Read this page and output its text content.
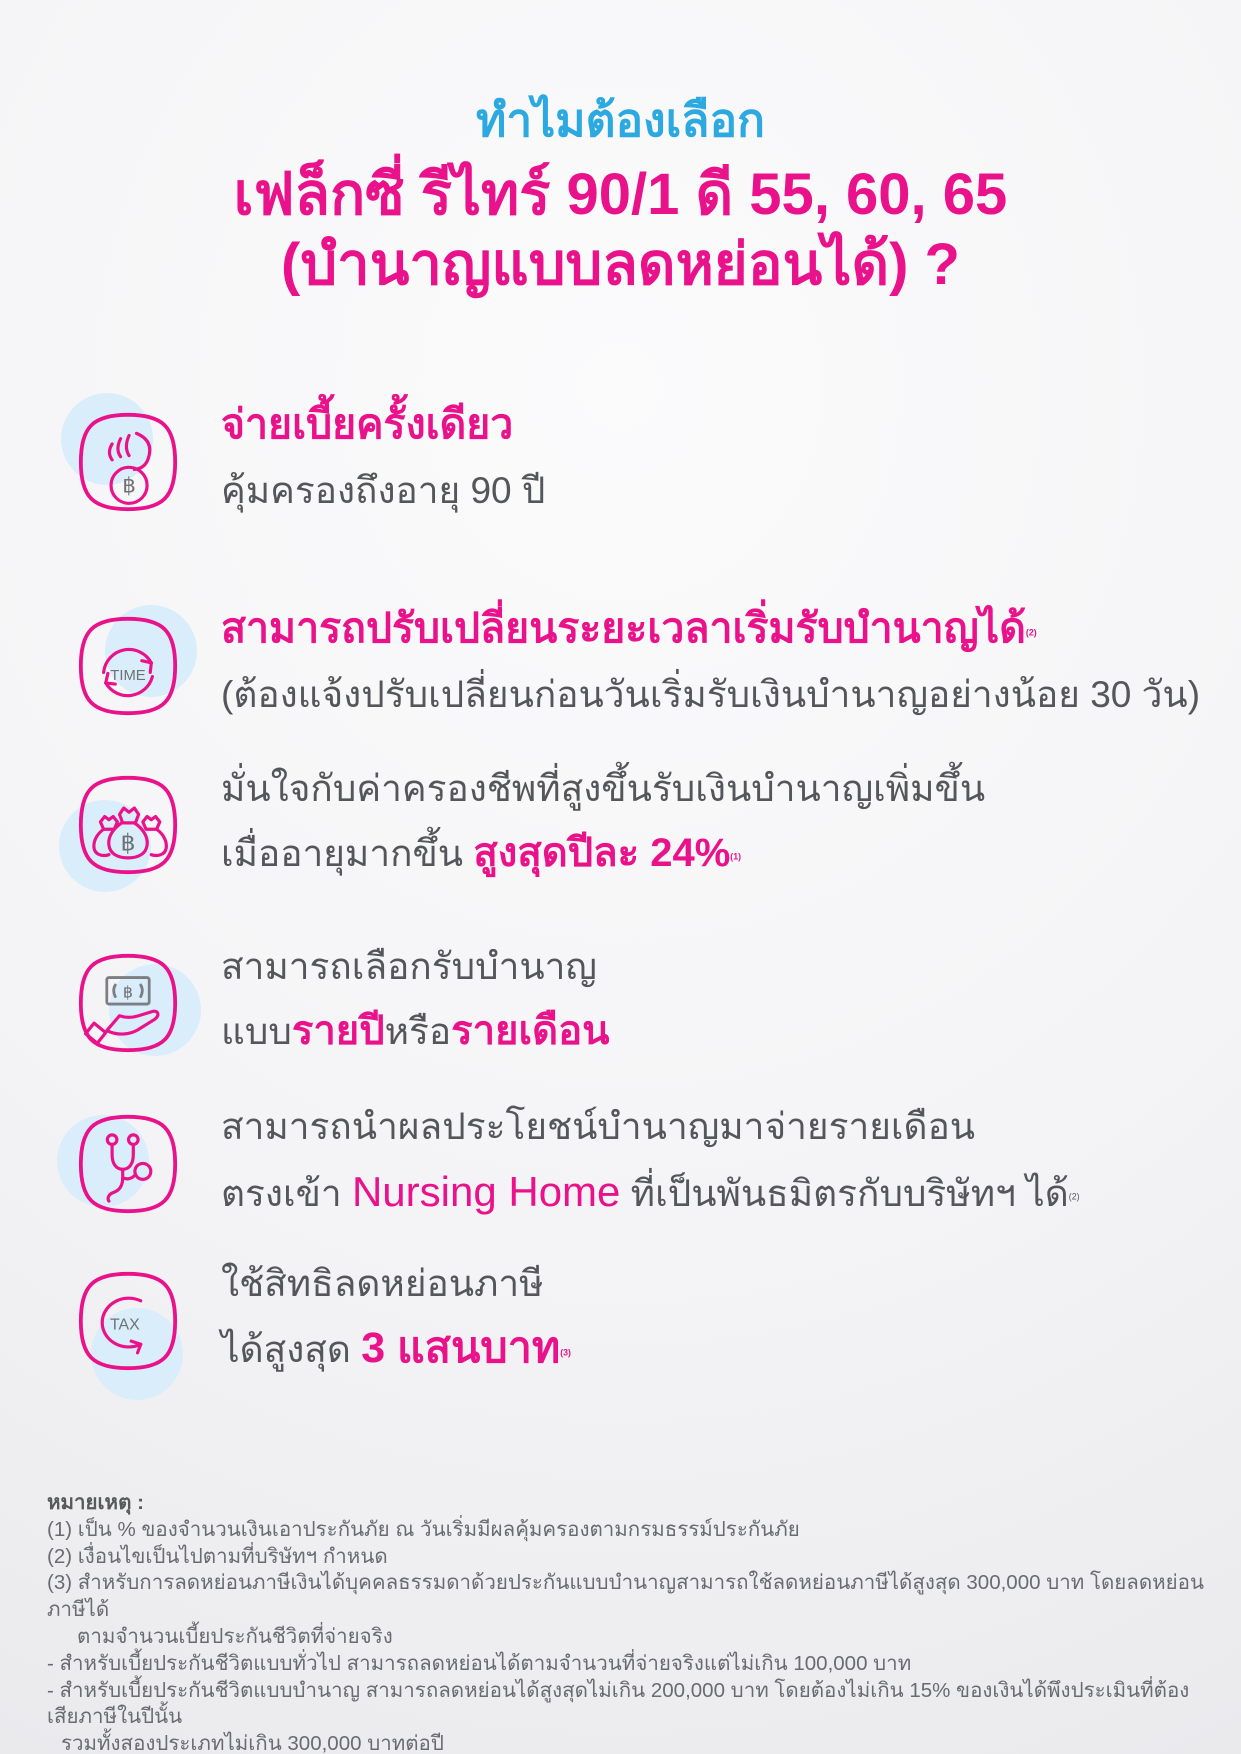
ทำไมต้องเลือก
เฟล็กซี่ รีไทร์ 90/1 ดี 55, 60, 65
(บำนาญแบบลดหย่อนได้) ?
฿
จ่ายเบี้ยครั้งเดียว
คุ้มครองถึงอายุ 90 ปี
TIME
สามารถปรับเปลี่ยนระยะเวลาเริ่มรับบำนาญได้$^{(2)}$
(ต้องแจ้งปรับเปลี่ยนก่อนวันเริ่มรับเงินบำนาญอย่างน้อย 30 วัน)
฿
มั่นใจกับค่าครองชีพที่สูงขึ้นรับเงินบำนาญเพิ่มขึ้น
เมื่ออายุมากขึ้น สูงสุดปีละ 24%$^{(1)}$
฿
สามารถเลือกรับบำนาญ
แบบรายปีหรือรายเดือน
สามารถนำผลประโยชน์บำนาญมาจ่ายรายเดือน
ตรงเข้า Nursing Home ที่เป็นพันธมิตรกับบริษัทฯ ได้$^{(2)}$
TAX
ใช้สิทธิลดหย่อนภาษี
ได้สูงสุด 3 แสนบาท$^{(3)}$
หมายเหตุ :
(1) เป็น % ของจำนวนเงินเอาประกันภัย ณ วันเริ่มมีผลคุ้มครองตามกรมธรรม์ประกันภัย
(2) เงื่อนไขเป็นไปตามที่บริษัทฯ กำหนด
(3) สำหรับการลดหย่อนภาษีเงินได้บุคคลธรรมดาด้วยประกันแบบบำนาญสามารถใช้ลดหย่อนภาษีได้สูงสุด 300,000 บาท โดยลดหย่อนภาษีได้
ตามจำนวนเบี้ยประกันชีวิตที่จ่ายจริง
- สำหรับเบี้ยประกันชีวิตแบบทั่วไป สามารถลดหย่อนได้ตามจำนวนที่จ่ายจริงแต่ไม่เกิน 100,000 บาท
- สำหรับเบี้ยประกันชีวิตแบบบำนาญ สามารถลดหย่อนได้สูงสุดไม่เกิน 200,000 บาท โดยต้องไม่เกิน 15% ของเงินได้พึงประเมินที่ต้องเสียภาษีในปีนั้น
รวมทั้งสองประเภทไม่เกิน 300,000 บาทต่อปี
